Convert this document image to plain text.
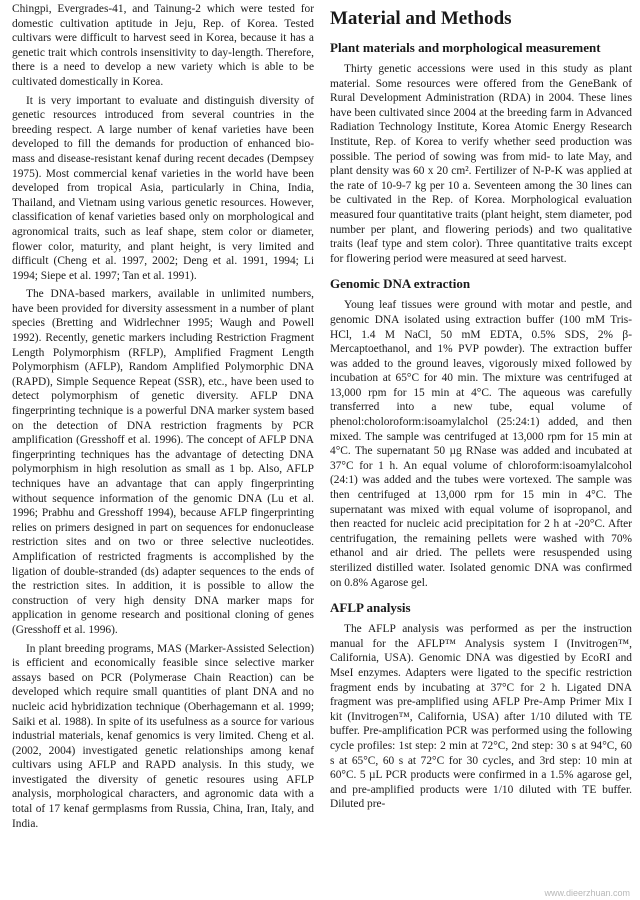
Chingpi, Evergrades-41, and Tainung-2 which were tested for domestic cultivation aptitude in Jeju, Rep. of Korea. Tested cultivars were difficult to harvest seed in Korea, because it has a genetic trait which controls insensitivity to day-length. Therefore, there is a need to develop a new variety which is able to be cultivated domestically in Korea.

It is very important to evaluate and distinguish diversity of genetic resources introduced from several countries in the breeding respect. A large number of kenaf varieties have been developed to fill the demands for production of enhanced bio-mass and disease-resistant kenaf during recent decades (Dempsey 1975). Most commercial kenaf varieties in the world have been developed from tropical Asia, particularly in China, India, Thailand, and Vietnam using various genetic resources. However, classification of kenaf varieties based only on morphological and agronomical traits, such as leaf shape, stem color or diameter, flower color, maturity, and plant height, is very limited and difficult (Cheng et al. 1997, 2002; Deng et al. 1991, 1994; Li 1994; Siepe et al. 1997; Tan et al. 1991).

The DNA-based markers, available in unlimited numbers, have been provided for diversity assessment in a number of plant species (Bretting and Widrlechner 1995; Waugh and Powell 1992). Recently, genetic markers including Restriction Fragment Length Polymorphism (RFLP), Amplified Fragment Length Polymorphism (AFLP), Random Amplified Polymorphic DNA (RAPD), Simple Sequence Repeat (SSR), etc., have been used to detect polymorphism of genetic diversity. AFLP DNA fingerprinting technique is a powerful DNA marker system based on the detection of DNA restriction fragments by PCR amplification (Gresshoff et al. 1996). The concept of AFLP DNA fingerprinting techniques has the advantage of detecting DNA polymorphism in high resolution as small as 1 bp. Also, AFLP techniques have an advantage that can apply fingerprinting without sequence information of the genomic DNA (Lu et al. 1996; Prabhu and Gresshoff 1994), because AFLP fingerprinting relies on primers designed in part on sequences for endonuclease restriction sites and on two or three selective nucleotides. Amplification of restricted fragments is accomplished by the ligation of double-stranded (ds) adapter sequences to the ends of the restriction sites. In addition, it is possible to allow the construction of very high density DNA marker maps for application in genome research and positional cloning of genes (Gresshoff et al. 1996).

In plant breeding programs, MAS (Marker-Assisted Selection) is efficient and economically feasible since selective marker assays based on PCR (Polymerase Chain Reaction) can be developed which require small quantities of plant DNA and no nucleic acid hybridization technique (Oberhagemann et al. 1999; Saiki et al. 1988). In spite of its usefulness as a source for various industrial materials, kenaf genomics is very limited. Cheng et al. (2002, 2004) investigated genetic relationships among kenaf cultivars using AFLP and RAPD analysis. In this study, we investigated the diversity of genetic resoures using AFLP analysis, morphological characters, and agronomic data with a total of 17 kenaf germplasms from Russia, China, Iran, Italy, and India.

Material and Methods
Plant materials and morphological measurement

Thirty genetic accessions were used in this study as plant material. Some resources were offered from the GeneBank of Rural Development Administration (RDA) in 2004. These lines have been cultivated since 2004 at the breeding farm in Advanced Radiation Technology Institute, Korea Atomic Energy Research Institute, Rep. of Korea to verify whether seed production was possible. The period of sowing was from mid- to late May, and plant density was 60 x 20 cm². Fertilizer of N-P-K was applied at the rate of 10-9-7 kg per 10 a. Seventeen among the 30 lines can be cultivated in the Rep. of Korea. Morphological evaluation measured four quantitative traits (plant height, stem diameter, pod number per plant, and flowering periods) and two qualitative traits (leaf type and stem color). Three quantitative traits except for flowering period were measured at seed harvest.

Genomic DNA extraction

Young leaf tissues were ground with motar and pestle, and genomic DNA isolated using extraction buffer (100 mM Tris-HCl, 1.4 M NaCl, 50 mM EDTA, 0.5% SDS, 2% β-Mercaptoethanol, and 1% PVP powder). The extraction buffer was added to the ground leaves, vigorously mixed followed by incubation at 65°C for 40 min. The mixture was centrifuged at 13,000 rpm for 15 min at 4°C. The aqueous was carefully transferred into a new tube, equal volume of phenol:choloroform:isoamylalchol (25:24:1) added, and then mixed. The sample was centrifuged at 13,000 rpm for 15 min at 4°C. The supernatant 50 µg RNase was added and incubated at 37°C for 1 h. An equal volume of chloroform:isoamylalcohol (24:1) was added and the tubes were vortexed. The sample was then centrifuged at 13,000 rpm for 15 min in 4°C. The supernatant was mixed with equal volume of isopropanol, and then reacted for nucleic acid precipitation for 2 h at -20°C. After centrifugation, the remaining pellets were washed with 70% ethanol and air dried. The pellets were resuspended using sterilized distilled water. Isolated genomic DNA was confirmed on 0.8% Agarose gel.

AFLP analysis

The AFLP analysis was performed as per the instruction manual for the AFLP™ Analysis system I (Invitrogen™, California, USA). Genomic DNA was digestied by EcoRI and MseI enzymes. Adapters were ligated to the specific restriction fragment ends by incubating at 37°C for 2 h. Ligated DNA fragment was pre-amplified using AFLP Pre-Amp Primer Mix I kit (Invitrogen™, California, USA) after 1/10 diluted with TE buffer. Pre-amplification PCR was performed using the following cycle profiles: 1st step: 2 min at 72°C, 2nd step: 30 s at 94°C, 60 s at 65°C, 60 s at 72°C for 30 cycles, and 3rd step: 10 min at 60°C. 5 µL PCR products were confirmed in a 1.5% agarose gel, and pre-amplified products were 1/10 diluted with TE buffer. Diluted pre-

www.dieerzhuan.com
